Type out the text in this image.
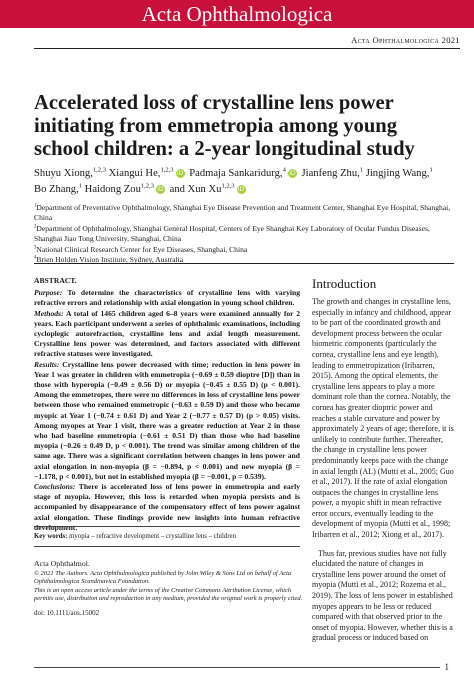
Acta Ophthalmologica
Acta Ophthalmologica 2021
Accelerated loss of crystalline lens power initiating from emmetropia among young school children: a 2-year longitudinal study
Shuyu Xiong,$^{1,2,3}$ Xiangui He,$^{1,2,3}$iD Padmaja Sankaridurg,$^4$iD Jianfeng Zhu,$^1$ Jingjing Wang,$^1$
Bo Zhang,$^1$ Haidong Zou$^{1,2,3}$iD and Xun Xu$^{1,2,3}$iD
$^1$Department of Preventative Ophthalmology, Shanghai Eye Disease Prevention and Treatment Center, Shanghai Eye Hospital, Shanghai, China
$^2$Department of Ophthalmology, Shanghai General Hospital, Centers of Eye Shanghai Key Laboratory of Ocular Fundus Diseases, Shanghai Jiao Tong University, Shanghai, China
$^3$National Clinical Research Center for Eye Diseases, Shanghai, China
$^4$Brien Holden Vision Institute, Sydney, Australia
ABSTRACT.

Purpose: To determine the characteristics of crystalline lens with varying refractive errors and relationship with axial elongation in young school children.

Methods: A total of 1465 children aged 6–8 years were examined annually for 2 years. Each participant underwent a series of ophthalmic examinations, including cycloplegic autorefraction, crystalline lens and axial length measurement. Crystalline lens power was determined, and factors associated with different refractive statuses were investigated.

Results: Crystalline lens power decreased with time; reduction in lens power in Year 1 was greater in children with emmetropia (−0.69 ± 0.59 dioptre [D]) than in those with hyperopia (−0.49 ± 0.56 D) or myopia (−0.45 ± 0.55 D) (p < 0.001). Among the emmetropes, there were no differences in loss of crystalline lens power between those who remained emmetropic (−0.63 ± 0.59 D) and those who became myopic at Year 1 (−0.74 ± 0.61 D) and Year 2 (−0.77 ± 0.57 D) (p > 0.05) visits. Among myopes at Year 1 visit, there was a greater reduction at Year 2 in those who had baseline emmetropia (−0.61 ± 0.51 D) than those who had baseline myopia (−0.26 ± 0.49 D, p < 0.001). The trend was similar among children of the same age. There was a significant correlation between changes in lens power and axial elongation in non-myopia (β = −0.894, p < 0.001) and new myopia (β = −1.178, p < 0.001), but not in established myopia (β = −0.001, p = 0.539).

Conclusions: There is accelerated loss of lens power in emmetropia and early stage of myopia. However, this loss is retarded when myopia persists and is accompanied by disappearance of the compensatory effect of lens power against axial elongation. These findings provide new insights into human refractive development.

Key words: myopia – refractive development – crystalline lens – children
Acta Ophthalmol.
© 2021 The Authors. Acta Ophthalmologica published by John Wiley & Sons Ltd on behalf of Acta Ophthalmologica Scandinavica Foundation.
This is an open access article under the terms of the Creative Commons Attribution License, which permits use, distribution and reproduction in any medium, provided the original work is properly cited.
doi: 10.1111/aos.15002
Introduction

The growth and changes in crystalline lens, especially in infancy and childhood, appear to be part of the coordinated growth and development process between the ocular biometric components (particularly the cornea, crystalline lens and eye length), leading to emmetropization (Iribarren, 2015). Among the optical elements, the crystalline lens appears to play a more dominant role than the cornea. Notably, the cornea has greater dioptric power and reaches a stable curvature and power by approximately 2 years of age; therefore, it is unlikely to contribute further. Thereafter, the change in crystalline lens power predominantly keeps pace with the change in axial length (AL) (Mutti et al., 2005; Guo et al., 2017). If the rate of axial elongation outpaces the changes in crystalline lens power, a myopic shift in mean refractive error occurs, eventually leading to the development of myopia (Mutti et al., 1998; Iribarren et al., 2012; Xiong et al., 2017).

Thus far, previous studies have not fully elucidated the nature of changes in crystalline lens power around the onset of myopia (Mutti et al., 2012; Rozema et al., 2019). The loss of lens power in established myopes appears to be less or reduced compared with that observed prior to the onset of myopia. However, whether this is a gradual process or induced based on

1
